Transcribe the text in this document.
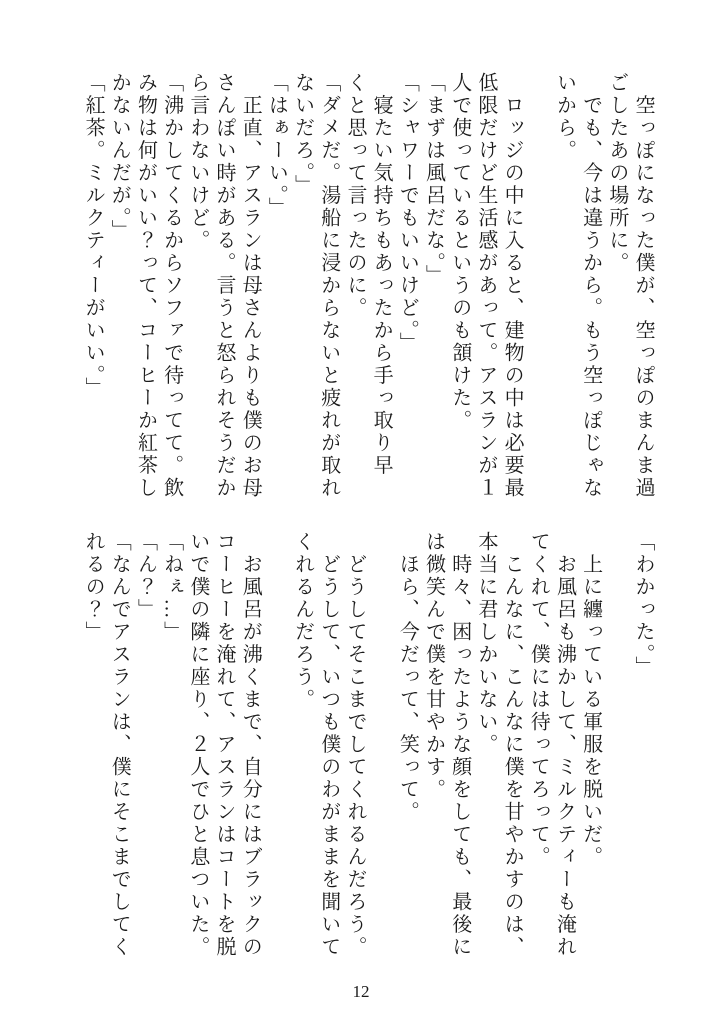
　空っぽになった僕が、空っぽのまんま過
ごしたあの場所に。
　でも、今は違うから。もう空っぽじゃな
いから。

　ロッジの中に入ると、建物の中は必要最
低限だけど生活感があって。アスランが１
人で使っているというのも頷けた。
「まずは風呂だな。」
「シャワーでもいいけど。」
　寝たい気持ちもあったから手っ取り早
くと思って言ったのに。
「ダメだ。湯船に浸からないと疲れが取れ
ないだろ。」
「はぁーい。」
　正直、アスランは母さんよりも僕のお母
さんぽい時がある。言うと怒られそうだか
ら言わないけど。
「沸かしてくるからソファで待ってて。飲
み物は何がいい？って、コーヒーか紅茶し
かないんだが。」
「紅茶。ミルクティーがいい。」
「わかった。」

　上に纏っている軍服を脱いだ。
　お風呂も沸かして、ミルクティーも淹れ
てくれて、僕には待ってろって。
　こんなに、こんなに僕を甘やかすのは、
本当に君しかいない。
　時々、困ったような顔をしても、最後に
は微笑んで僕を甘やかす。
　ほら、今だって、笑って。

　どうしてそこまでしてくれるんだろう。
　どうして、いつも僕のわがままを聞いて
くれるんだろう。

　お風呂が沸くまで、自分にはブラックの
コーヒーを淹れて、アスランはコートを脱
いで僕の隣に座り、２人でひと息ついた。
「ねぇ…」
「ん？」
「なんでアスランは、僕にそこまでしてく
れるの？」
12
